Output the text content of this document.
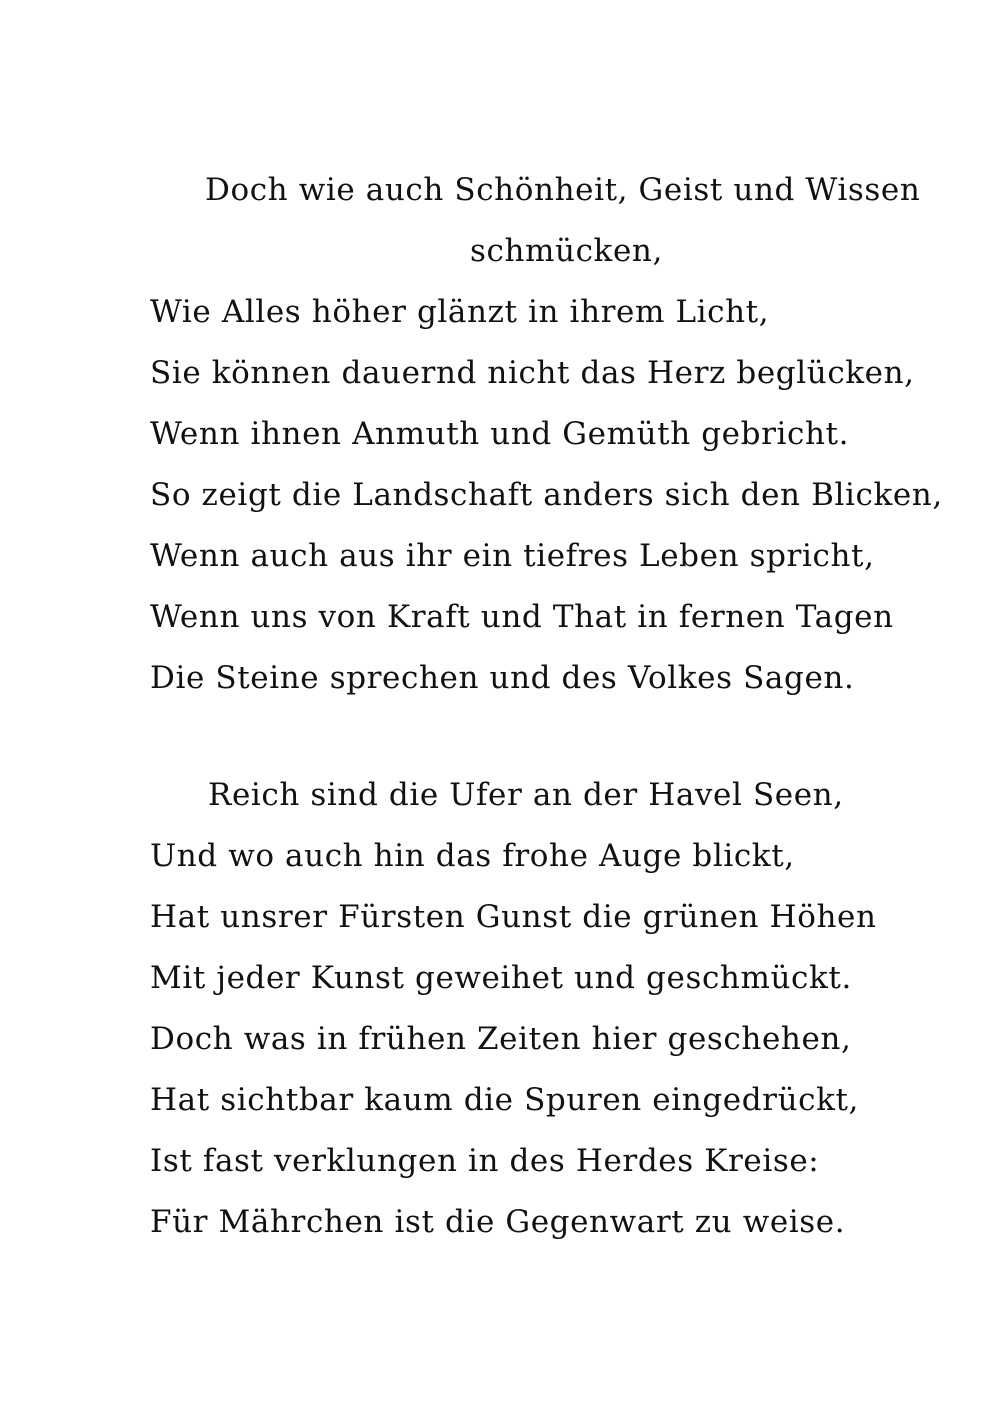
Doch wie auch Schönheit, Geist und Wissen
schmücken,
Wie Alles höher glänzt in ihrem Licht,
Sie können dauernd nicht das Herz beglücken,
Wenn ihnen Anmuth und Gemüth gebricht.
So zeigt die Landschaft anders sich den Blicken,
Wenn auch aus ihr ein tiefres Leben spricht,
Wenn uns von Kraft und That in fernen Tagen
Die Steine sprechen und des Volkes Sagen.
Reich sind die Ufer an der Havel Seen,
Und wo auch hin das frohe Auge blickt,
Hat unsrer Fürsten Gunst die grünen Höhen
Mit jeder Kunst geweihet und geschmückt.
Doch was in frühen Zeiten hier geschehen,
Hat sichtbar kaum die Spuren eingedrückt,
Ist fast verklungen in des Herdes Kreise:
Für Mährchen ist die Gegenwart zu weise.
